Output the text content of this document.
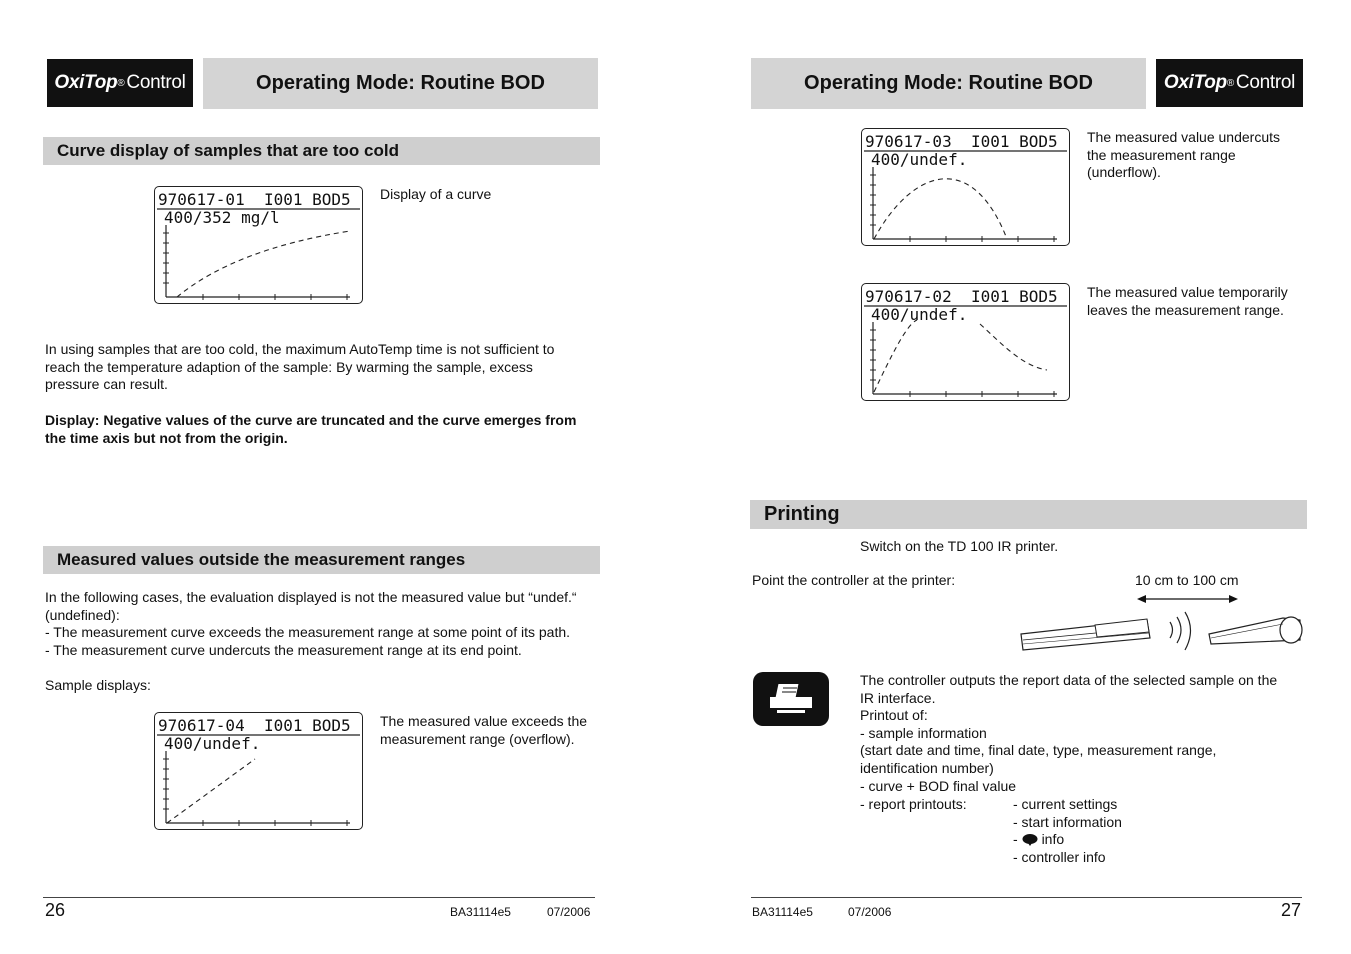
OxiTop ® Control	Operating Mode: Routine BOD
Curve display of samples that are too cold
970617-01  I001 BOD5
400/352 mg/l
Display of a curve
In using samples that are too cold, the maximum AutoTemp time is not sufficient to
reach the temperature adaption of the sample: By warming the sample, excess
pressure can result.
Display: Negative values of the curve are truncated and the curve emerges from
the time axis but not from the origin.
Measured values outside the measurement ranges
In the following cases, the evaluation displayed is not the measured value but “undef.“
(undefined):
- The measurement curve exceeds the measurement range at some point of its path.
- The measurement curve undercuts the measurement range at its end point.
Sample displays:
970617-04  I001 BOD5
400/undef.
The measured value exceeds the
measurement range (overflow).
26	BA31114e5	07/2006
Operating Mode: Routine BOD	OxiTop ® Control
970617-03  I001 BOD5
400/undef.
The measured value undercuts
the measurement range
(underflow).
970617-02  I001 BOD5
400/undef.
The measured value temporarily
leaves the measurement range.
Printing
Switch on the TD 100 IR printer.
Point the controller at the printer:	10 cm to 100 cm
The controller outputs the report data of the selected sample on the
IR interface.
Printout of:
- sample information
(start date and time, final date, type, measurement range,
identification number)
- curve + BOD final value
- report printouts:	- current settings
- start information
- info
- controller info
BA31114e5	07/2006	27
